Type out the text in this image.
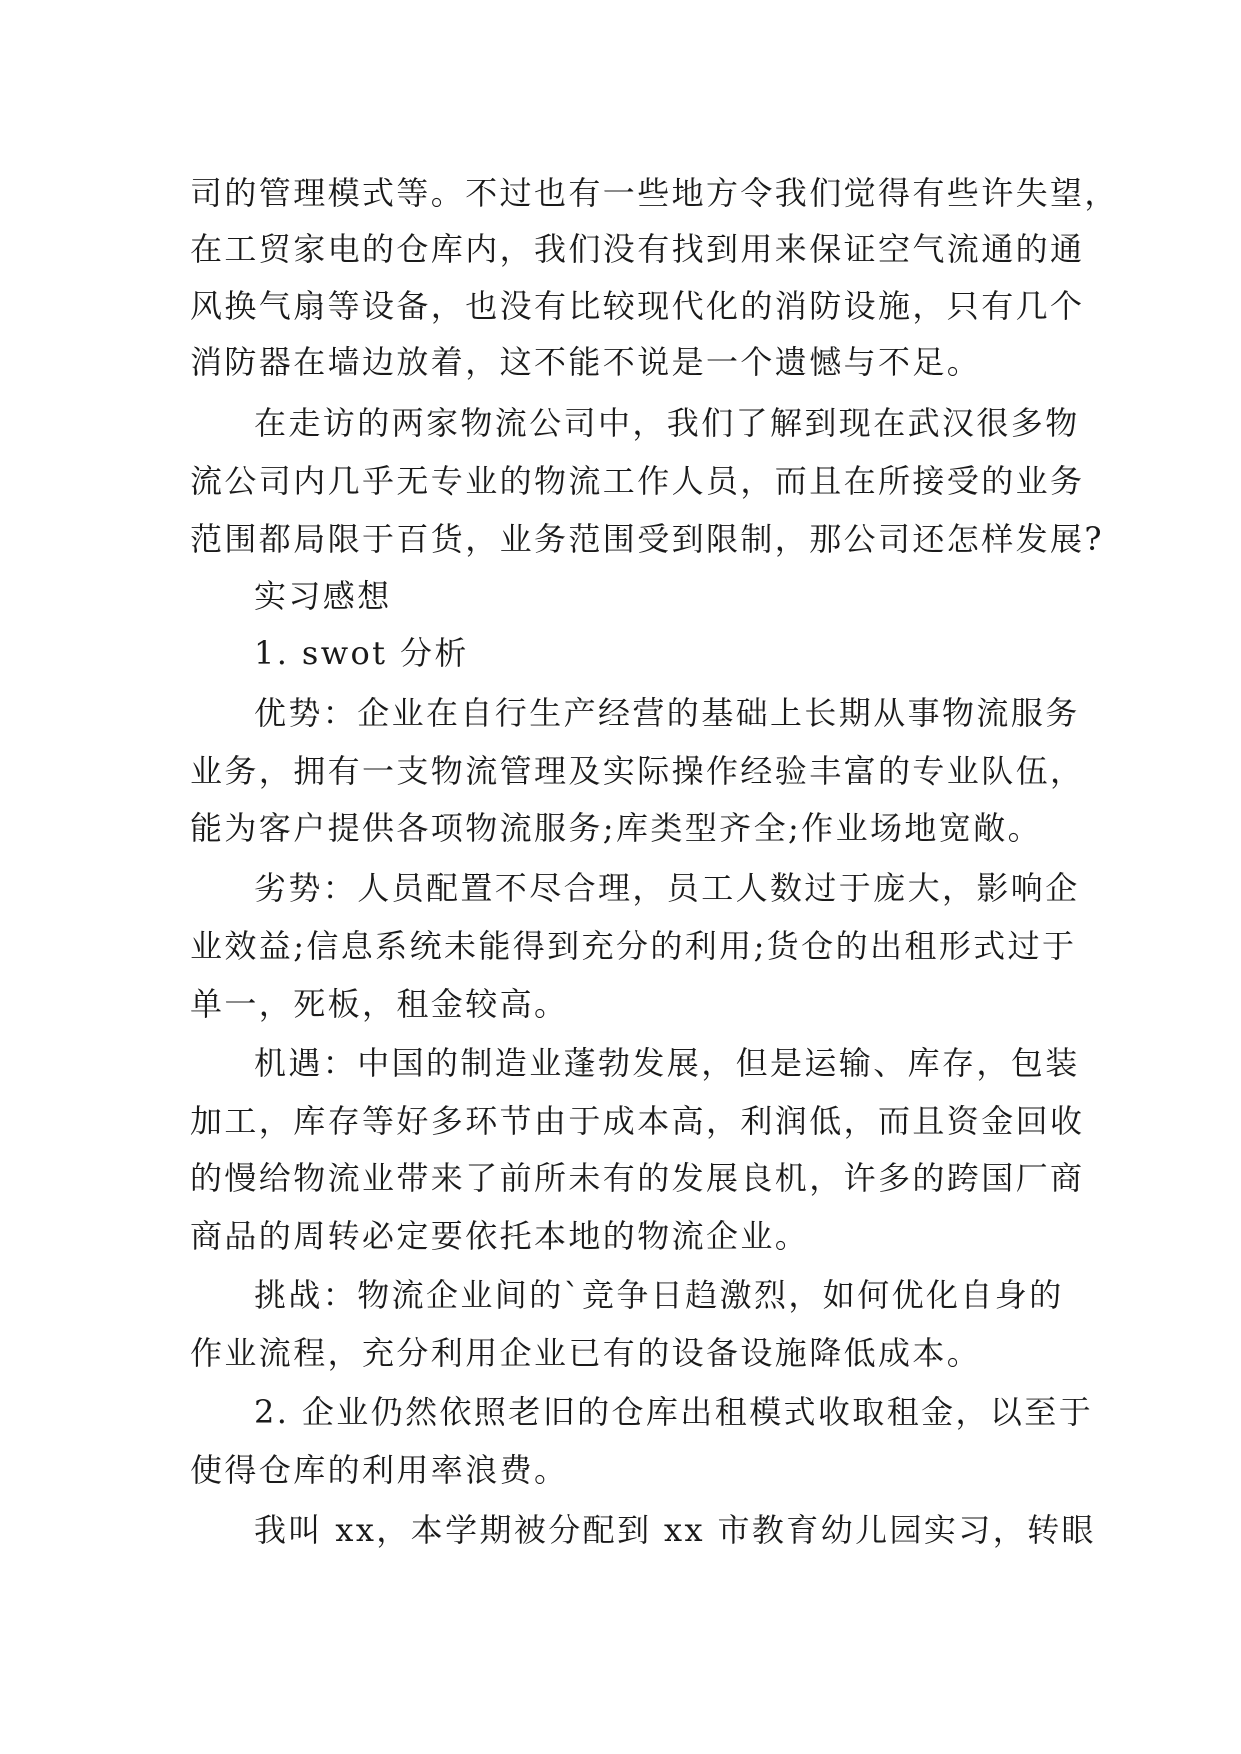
司的管理模式等。不过也有一些地方令我们觉得有些许失望，
在工贸家电的仓库内，我们没有找到用来保证空气流通的通
风换气扇等设备，也没有比较现代化的消防设施，只有几个
消防器在墙边放着，这不能不说是一个遗憾与不足。
在走访的两家物流公司中，我们了解到现在武汉很多物
流公司内几乎无专业的物流工作人员，而且在所接受的业务
范围都局限于百货，业务范围受到限制，那公司还怎样发展?
实习感想
1. swot 分析
优势：企业在自行生产经营的基础上长期从事物流服务
业务，拥有一支物流管理及实际操作经验丰富的专业队伍，
能为客户提供各项物流服务;库类型齐全;作业场地宽敞。
劣势：人员配置不尽合理，员工人数过于庞大，影响企
业效益;信息系统未能得到充分的利用;货仓的出租形式过于
单一，死板，租金较高。
机遇：中国的制造业蓬勃发展，但是运输、库存，包装
加工，库存等好多环节由于成本高，利润低，而且资金回收
的慢给物流业带来了前所未有的发展良机，许多的跨国厂商
商品的周转必定要依托本地的物流企业。
挑战：物流企业间的`竞争日趋激烈，如何优化自身的
作业流程，充分利用企业已有的设备设施降低成本。
2. 企业仍然依照老旧的仓库出租模式收取租金，以至于
使得仓库的利用率浪费。
我叫 xx，本学期被分配到 xx 市教育幼儿园实习，转眼
